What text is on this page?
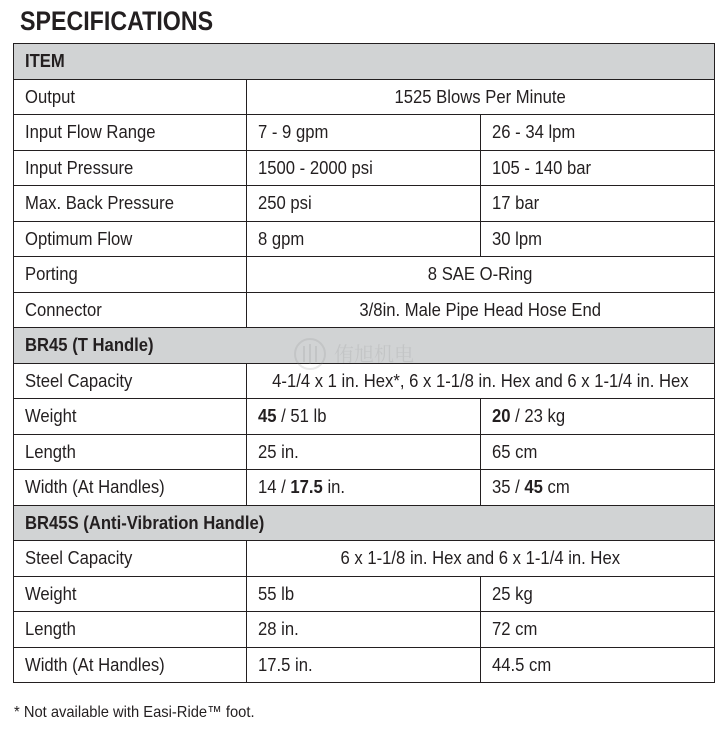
SPECIFICATIONS
ITEM		
Output	1525 Blows Per Minute	
Input Flow Range	7 - 9 gpm	26 - 34 lpm
Input Pressure	1500 - 2000 psi	105 - 140 bar
Max. Back Pressure	250 psi	17 bar
Optimum Flow	8 gpm	30 lpm
Porting	8 SAE O-Ring	
Connector	3/8in. Male Pipe Head Hose End	
BR45 (T Handle)		
Steel Capacity	4-1/4 x 1 in. Hex*, 6 x 1-1/8 in. Hex and 6 x 1-1/4 in. Hex	
Weight	45 / 51 lb	20 / 23 kg
Length	25 in.	65 cm
Width (At Handles)	14 / 17.5 in.	35 / 45 cm
BR45S (Anti-Vibration Handle)		
Steel Capacity	6 x 1-1/8 in. Hex and 6 x 1-1/4 in. Hex	
Weight	55 lb	25 kg
Length	28 in.	72 cm
Width (At Handles)	17.5 in.	44.5 cm
* Not available with Easi-Ride™ foot.
